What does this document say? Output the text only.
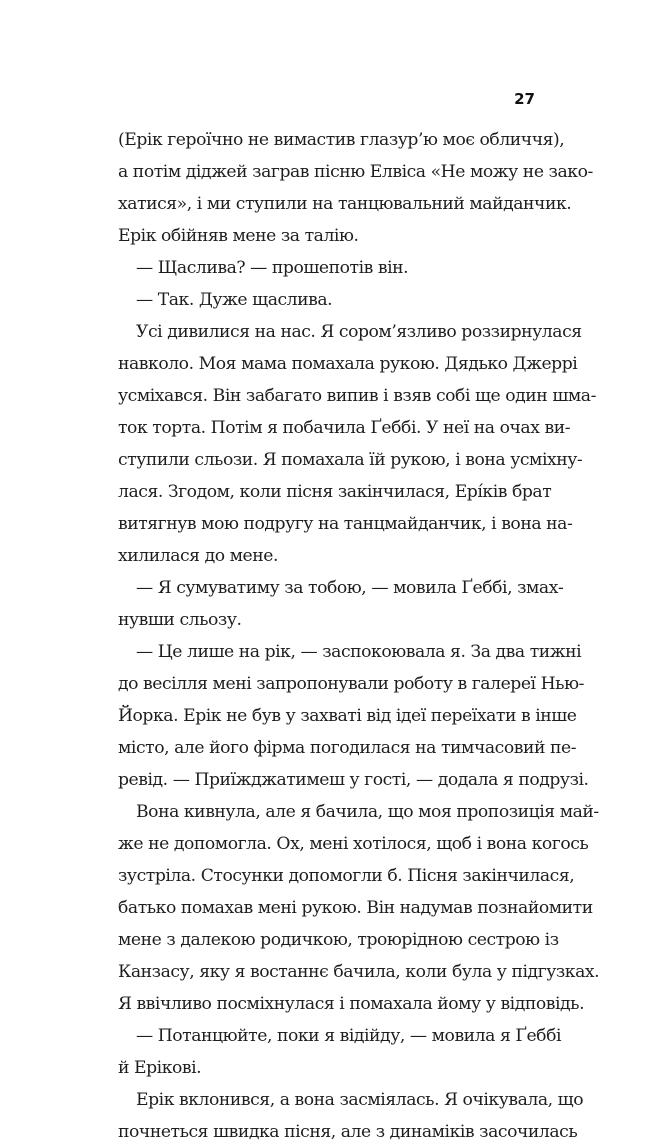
27
(Ерік героїчно не вимастив глазур’ю моє обличчя),
а потім діджей заграв пісню Елвіса «Не можу не зако-
хатися», і ми ступили на танцювальний майданчик.
Ерік обійняв мене за талію.
— Щаслива? — прошепотів він.
— Так. Дуже щаслива.
Усі дивилися на нас. Я сором’язливо роззирнулася
навколо. Моя мама помахала рукою. Дядько Джеррі
усміхався. Він забагато випив і взяв собі ще один шма-
ток торта. Потім я побачила Ґеббі. У неї на очах ви-
ступили сльози. Я помахала їй рукою, і вона усміхну-
лася. Згодом, коли пісня закінчилася, Ерíків брат
витягнув мою подругу на танцмайданчик, і вона на-
хилилася до мене.
— Я сумуватиму за тобою, — мовила Ґеббі, змах-
нувши сльозу.
— Це лише на рік, — заспокоювала я. За два тижні
до весілля мені запропонували роботу в галереї Нью-
Йорка. Ерік не був у захваті від ідеї переїхати в інше
місто, але його фірма погодилася на тимчасовий пе-
ревід. — Приїжджатимеш у гості, — додала я подрузі.
Вона кивнула, але я бачила, що моя пропозиція май-
же не допомогла. Ох, мені хотілося, щоб і вона когось
зустріла. Стосунки допомогли б. Пісня закінчилася,
батько помахав мені рукою. Він надумав познайомити
мене з далекою родичкою, троюрідною сестрою із
Канзасу, яку я востаннє бачила, коли була у підгузках.
Я ввічливо посміхнулася і помахала йому у відповідь.
— Потанцюйте, поки я відійду, — мовила я Ґеббі
й Ерікові.
Ерік вклонився, а вона засміялась. Я очікувала, що
почнеться швидка пісня, але з динаміків засочилась
